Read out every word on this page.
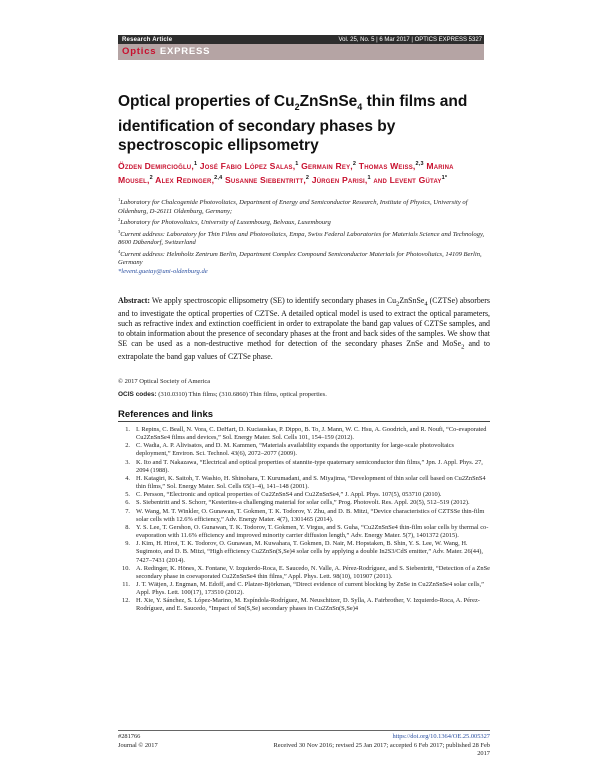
Research Article	Vol. 25, No. 5 | 6 Mar 2017 | OPTICS EXPRESS 5327
Optics EXPRESS
Optical properties of $Cu_2ZnSnSe_4$ thin films and identification of secondary phases by spectroscopic ellipsometry
Özden Demircioğlu,$^1$ José Fabio López Salas,$^1$ Germain Rey,$^2$ Thomas Weiss,$^{2,3}$ Marina Mousel,$^2$ Alex Redinger,$^{2,4}$ Susanne Siebentritt,$^2$ Jürgen Parisi,$^1$ and Levent Gütay$^{1*}$

$^1$Laboratory for Chalcogenide Photovoltaics, Department of Energy and Semiconductor Research, Institute of Physics, University of Oldenburg, D-26111 Oldenburg, Germany;

$^2$Laboratory for Photovoltaics, University of Luxembourg, Belvaux, Luxembourg

$^3$Current address: Laboratory for Thin Films and Photovoltaics, Empa, Swiss Federal Laboratories for Materials Science and Technology, 8600 Dübendorf, Switzerland

$^4$Current address: Helmholtz Zentrum Berlin, Department Complex Compound Semiconductor Materials for Photovoltaics, 14109 Berlin, Germany

*levent.guetay@uni-oldenburg.de

Abstract: We apply spectroscopic ellipsometry (SE) to identify secondary phases in $Cu_2ZnSnSe_4$ (CZTSe) absorbers and to investigate the optical properties of CZTSe. A detailed optical model is used to extract the optical parameters, such as refractive index and extinction coefficient in order to extrapolate the band gap values of CZTSe samples, and to obtain information about the presence of secondary phases at the front and back sides of the samples. We show that SE can be used as a non-destructive method for detection of the secondary phases ZnSe and MoSe$_2$ and to extrapolate the band gap values of CZTSe phase.
© 2017 Optical Society of America
OCIS codes: (310.0310) Thin films; (310.6860) Thin films, optical properties.
References and links
1. I. Repins, C. Beall, N. Vora, C. DeHart, D. Kuciauskas, P. Dippo, B. To, J. Mann, W. C. Hsu, A. Goodrich, and R. Noufi, “Co-evaporated Cu2ZnSnSe4 films and devices,” Sol. Energy Mater. Sol. Cells 101, 154–159 (2012).
2. C. Wadia, A. P. Alivisatos, and D. M. Kammen, “Materials availability expands the opportunity for large-scale photovoltaics deployment,” Environ. Sci. Technol. 43(6), 2072–2077 (2009).
3. K. Ito and T. Nakazawa, “Electrical and optical properties of stannite-type quaternary semiconductor thin films,” Jpn. J. Appl. Phys. 27, 2094 (1988).
4. H. Katagiri, K. Saitoh, T. Washio, H. Shinohara, T. Kurumadani, and S. Miyajima, “Development of thin solar cell based on Cu2ZnSnS4 thin films,” Sol. Energy Mater. Sol. Cells 65(1–4), 141–148 (2001).
5. C. Persson, “Electronic and optical properties of Cu2ZnSnS4 and Cu2ZnSnSe4,” J. Appl. Phys. 107(5), 053710 (2010).
6. S. Siebentritt and S. Schorr, “Kesterites-a challenging material for solar cells,” Prog. Photovolt. Res. Appl. 20(5), 512–519 (2012).
7. W. Wang, M. T. Winkler, O. Gunawan, T. Gokmen, T. K. Todorov, Y. Zhu, and D. B. Mitzi, “Device characteristics of CZTSSe thin-film solar cells with 12.6% efficiency,” Adv. Energy Mater. 4(7), 1301465 (2014).
8. Y. S. Lee, T. Gershon, O. Gunawan, T. K. Todorov, T. Gokmen, Y. Virgus, and S. Guha, “Cu2ZnSnSe4 thin-film solar cells by thermal co-evaporation with 11.6% efficiency and improved minority carrier diffusion length,” Adv. Energy Mater. 5(7), 1401372 (2015).
9. J. Kim, H. Hiroi, T. K. Todorov, O. Gunawan, M. Kuwahara, T. Gokmen, D. Nair, M. Hopstaken, B. Shin, Y. S. Lee, W. Wang, H. Sugimoto, and D. B. Mitzi, “High efficiency Cu2ZnSn(S,Se)4 solar cells by applying a double In2S3/CdS emitter,” Adv. Mater. 26(44), 7427–7431 (2014).
10. A. Redinger, K. Hönes, X. Fontane, V. Izquierdo-Roca, E. Saucedo, N. Valle, A. Pérez-Rodríguez, and S. Siebentritt, “Detection of a ZnSe secondary phase in coevaporated Cu2ZnSnSe4 thin films,” Appl. Phys. Lett. 98(10), 101907 (2011).
11. J. T. Wätjen, J. Engman, M. Edoff, and C. Platzer-Björkman, “Direct evidence of current blocking by ZnSe in Cu2ZnSnSe4 solar cells,” Appl. Phys. Lett. 100(17), 173510 (2012).
12. H. Xie, Y. Sánchez, S. López-Marino, M. Espíndola-Rodríguez, M. Neuschitzer, D. Sylla, A. Fairbrother, V. Izquierdo-Roca, A. Pérez-Rodríguez, and E. Saucedo, “Impact of Sn(S,Se) secondary phases in Cu2ZnSn(S,Se)4
#281766
Journal © 2017
https://doi.org/10.1364/OE.25.005327
Received 30 Nov 2016; revised 25 Jan 2017; accepted 6 Feb 2017; published 28 Feb 2017
